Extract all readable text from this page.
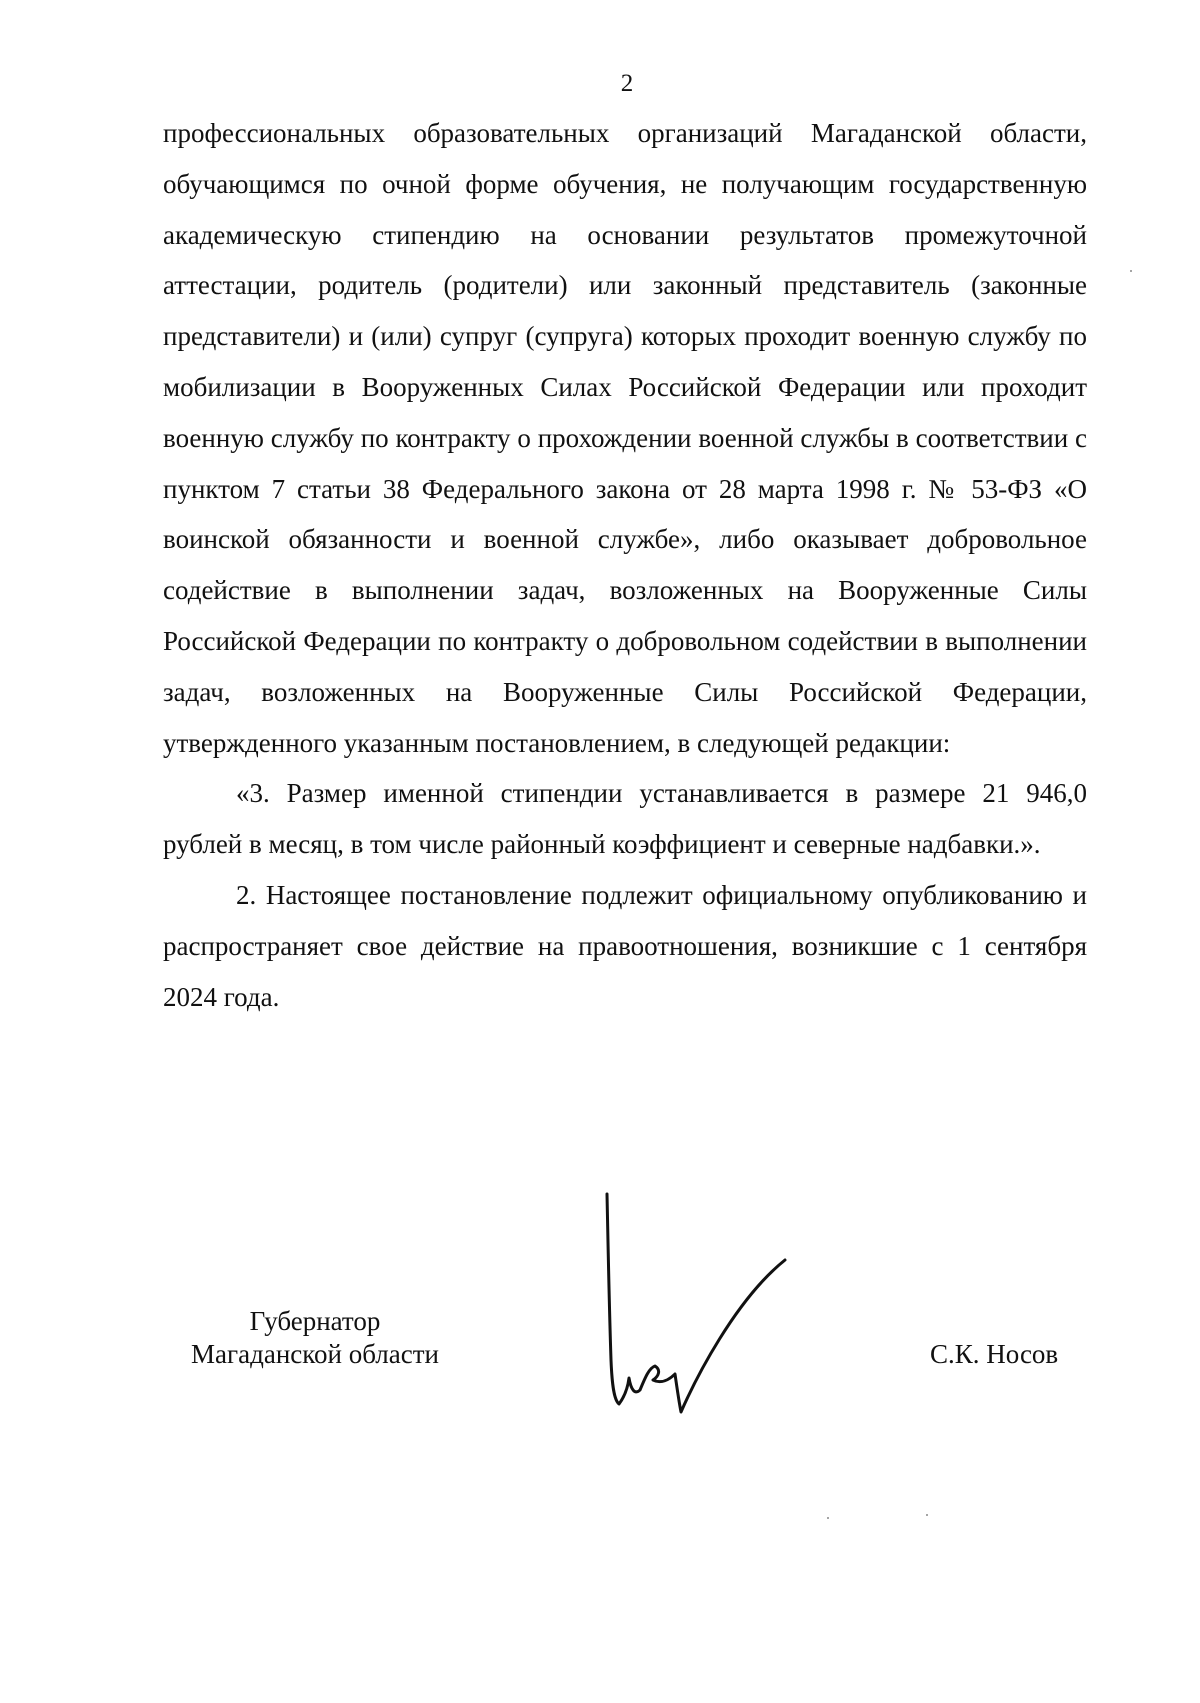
2

профессиональных образовательных организаций Магаданской области, обучающимся по очной форме обучения, не получающим государственную академическую стипендию на основании результатов промежуточной аттестации, родитель (родители) или законный представитель (законные представители) и (или) супруг (супруга) которых проходит военную службу по мобилизации в Вооруженных Силах Российской Федерации или проходит военную службу по контракту о прохождении военной службы в соответствии с пунктом 7 статьи 38 Федерального закона от 28 марта 1998 г. № 53-ФЗ «О воинской обязанности и военной службе», либо оказывает добровольное содействие в выполнении задач, возложенных на Вооруженные Силы Российской Федерации по контракту о добровольном содействии в выполнении задач, возложенных на Вооруженные Силы Российской Федерации, утвержденного указанным постановлением, в следующей редакции:

«3. Размер именной стипендии устанавливается в размере 21 946,0 рублей в месяц, в том числе районный коэффициент и северные надбавки.».

2. Настоящее постановление подлежит официальному опубликованию и распространяет свое действие на правоотношения, возникшие с 1 сентября 2024 года.

Губернатор
Магаданской области	С.К. Носов
